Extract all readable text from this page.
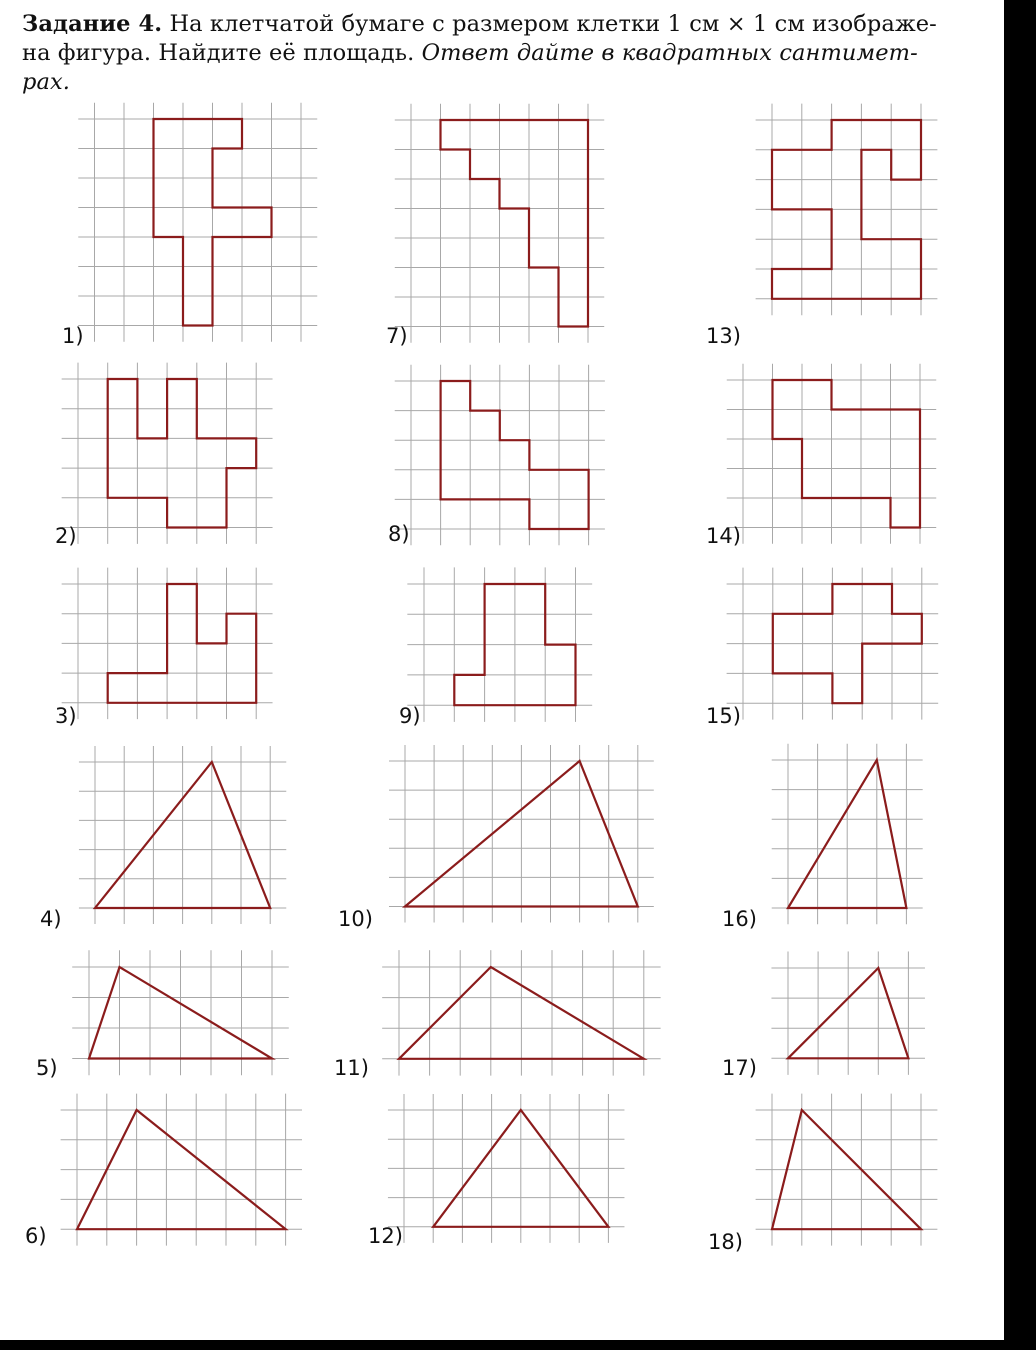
Задание 4. На клетчатой бумаге с размером клетки 1 см × 1 см изображе-
на фигура. Найдите её площадь. Ответ дайте в квадратных сантимет-
рах.
1)
2)
3)
4)
5)
6)
7)
8)
9)
10)
11)
12)
13)
14)
15)
16)
17)
18)
